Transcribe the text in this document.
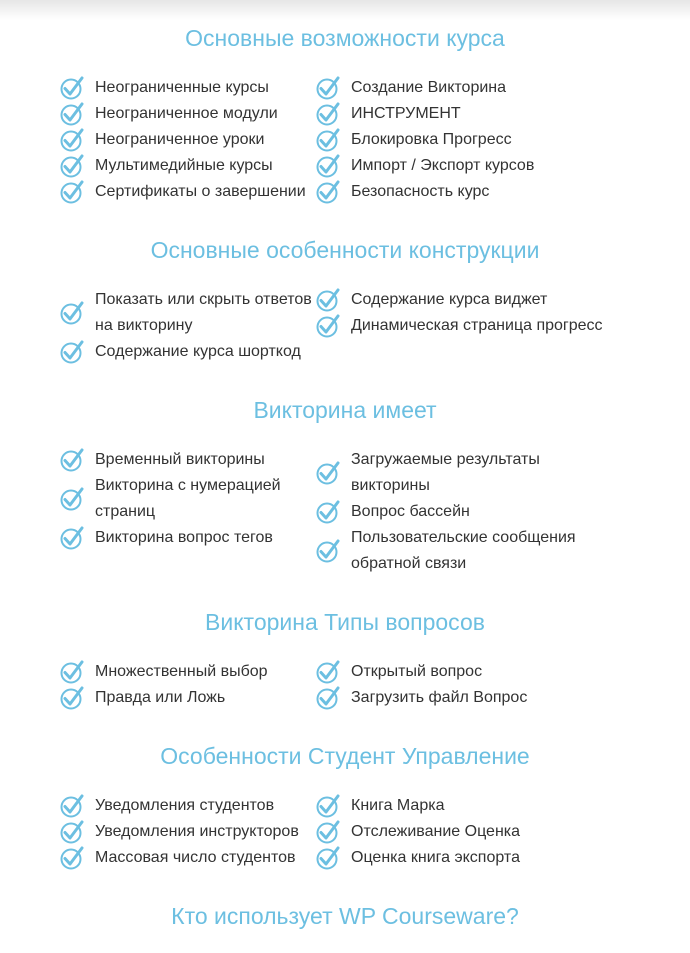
Основные возможности курса
Неограниченные курсы
Неограниченное модули
Неограниченное уроки
Мультимедийные курсы
Сертификаты о завершении
Создание Викторина
ИНСТРУМЕНТ
Блокировка Прогресс
Импорт / Экспорт курсов
Безопасность курс
Основные особенности конструкции
Показать или скрыть ответов на викторину
Содержание курса шорткод
Содержание курса виджет
Динамическая страница прогресс
Викторина имеет
Временный викторины
Викторина с нумерацией страниц
Викторина вопрос тегов
Загружаемые результаты викторины
Вопрос бассейн
Пользовательские сообщения обратной связи
Викторина Типы вопросов
Множественный выбор
Правда или Ложь
Открытый вопрос
Загрузить файл Вопрос
Особенности Студент Управление
Уведомления студентов
Уведомления инструкторов
Массовая число студентов
Книга Марка
Отслеживание Оценка
Оценка книга экспорта
Кто использует WP Courseware?
